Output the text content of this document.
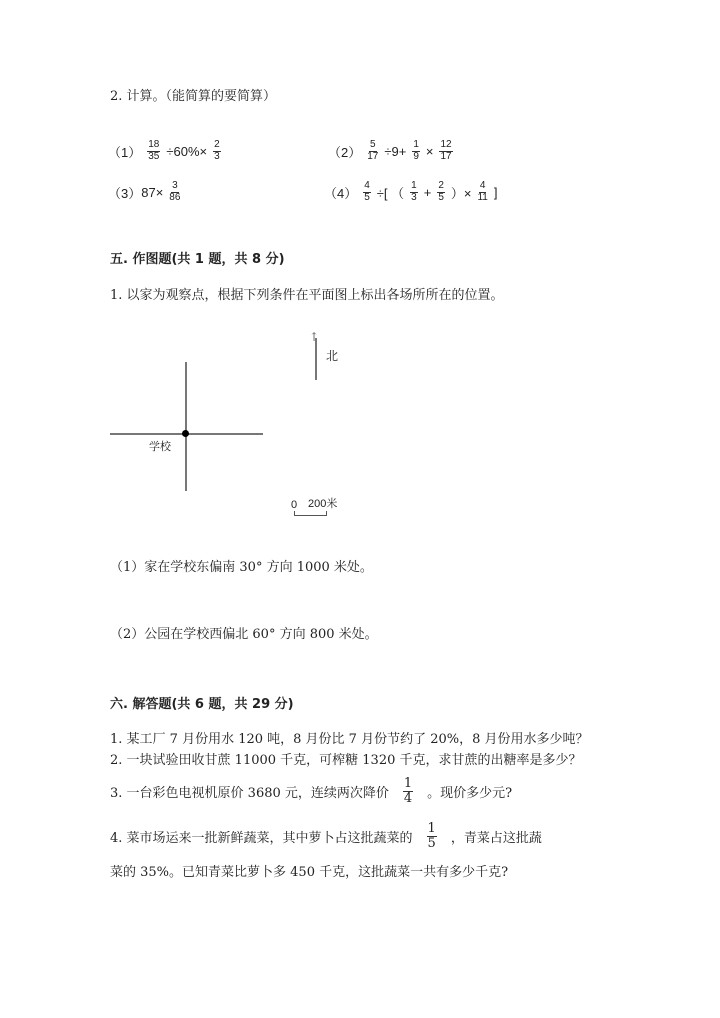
2. 计算。（能简算的要简算）
$(1) \frac{18}{35} \div 60\%\times \frac{2}{3}$	$(2) \frac{5}{17} \div 9+ \frac{1}{9} \times \frac{12}{17}$
（3） $87\times \frac{3}{86}$	$(4) \frac{4}{5}$ ÷[ （ $\frac{1}{3} + \frac{2}{5}$ ）× $\frac{4}{11}$ ]
五. 作图题(共 1 题，共 8 分)
1. 以家为观察点，根据下列条件在平面图上标出各场所所在的位置。
↑
北
学校
0 200米
（1）家在学校东偏南 30° 方向 1000 米处。
（2）公园在学校西偏北 60° 方向 800 米处。
六. 解答题(共 6 题，共 29 分)
1. 某工厂 7 月份用水 120 吨，8 月份比 7 月份节约了 20%，8 月份用水多少吨？
2. 一块试验田收甘蔗 11000 千克，可榨糖 1320 千克，求甘蔗的出糖率是多少？
3. 一台彩色电视机原价 3680 元，连续两次降价 $\frac{1}{4}$ 。现价多少元?
4. 菜市场运来一批新鲜蔬菜，其中萝卜占这批蔬菜的 $\frac{1}{5}$ ，青菜占这批蔬
菜的 35%。已知青菜比萝卜多 450 千克，这批蔬菜一共有多少千克?
